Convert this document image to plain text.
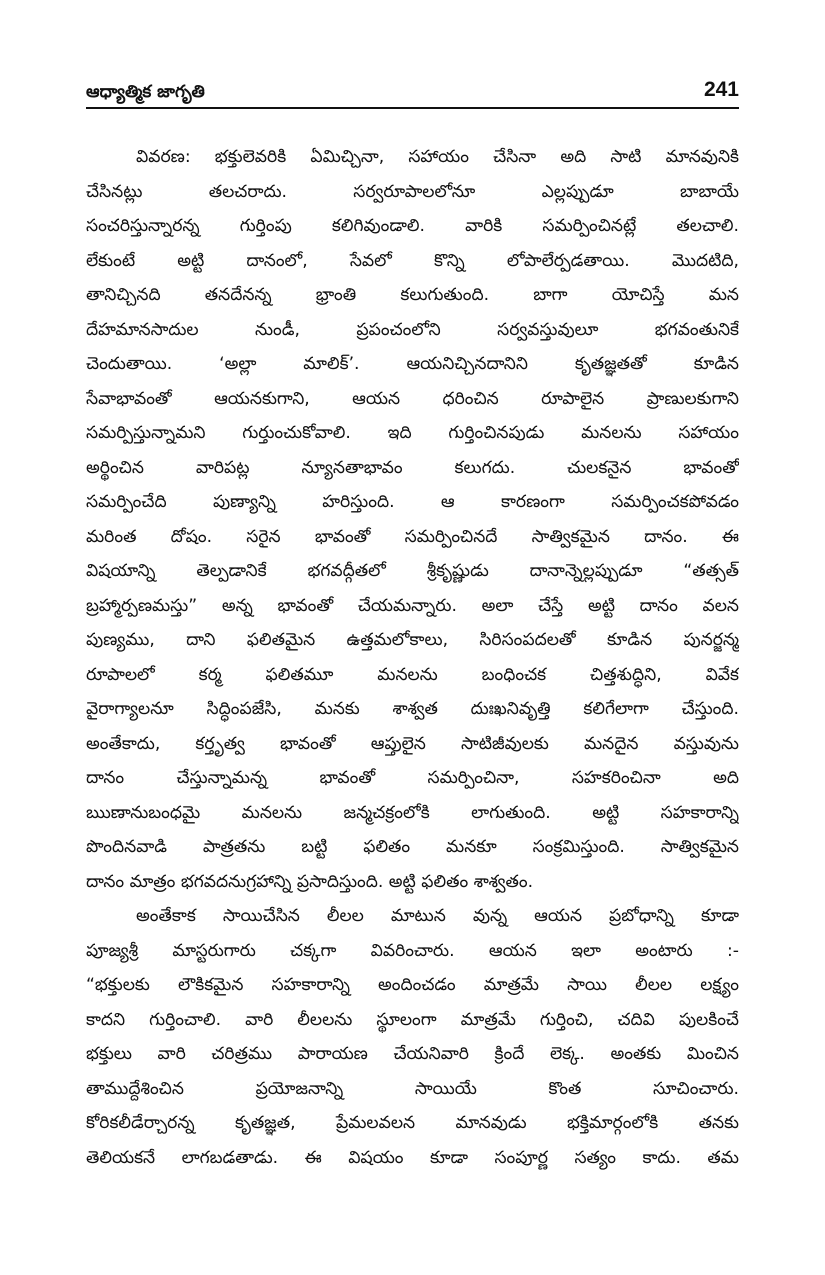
ఆధ్యాత్మిక జాగృతి	241
వివరణ: భక్తులెవరికి ఏమిచ్చినా, సహాయం చేసినా అది సాటి మానవునికి
చేసినట్లు తలచరాదు. సర్వరూపాలలోనూ ఎల్లప్పుడూ బాబాయే
సంచరిస్తున్నారన్న గుర్తింపు కలిగివుండాలి. వారికి సమర్పించినట్లే తలచాలి.
లేకుంటే అట్టి దానంలో, సేవలో కొన్ని లోపాలేర్పడతాయి. మొదటిది,
తానిచ్చినది తనదేనన్న భ్రాంతి కలుగుతుంది. బాగా యోచిస్తే మన
దేహమానసాదుల నుండీ, ప్రపంచంలోని సర్వవస్తువులూ భగవంతునికే
చెందుతాయి. ‘అల్లా మాలిక్’. ఆయనిచ్చినదానిని కృతజ్ఞతతో కూడిన
సేవాభావంతో ఆయనకుగాని, ఆయన ధరించిన రూపాలైన ప్రాణులకుగాని
సమర్పిస్తున్నామని గుర్తుంచుకోవాలి. ఇది గుర్తించినపుడు మనలను సహాయం
అర్థించిన వారిపట్ల న్యూనతాభావం కలుగదు. చులకనైన భావంతో
సమర్పించేది పుణ్యాన్ని హరిస్తుంది. ఆ కారణంగా సమర్పించకపోవడం
మరింత దోషం. సరైన భావంతో సమర్పించినదే సాత్వికమైన దానం. ఈ
విషయాన్ని తెల్పడానికే భగవద్గీతలో శ్రీకృష్ణుడు దానాన్నెల్లప్పుడూ “తత్సత్
బ్రహ్మార్పణమస్తు” అన్న భావంతో చేయమన్నారు. అలా చేస్తే అట్టి దానం వలన
పుణ్యము, దాని ఫలితమైన ఉత్తమలోకాలు, సిరిసంపదలతో కూడిన పునర్జన్మ
రూపాలలో కర్మ ఫలితమూ మనలను బంధించక చిత్తశుద్ధిని, వివేక
వైరాగ్యాలనూ సిద్ధింపజేసి, మనకు శాశ్వత దుఃఖనివృత్తి కలిగేలాగా చేస్తుంది.
అంతేకాదు, కర్తృత్వ భావంతో ఆప్తులైన సాటిజీవులకు మనదైన వస్తువును
దానం చేస్తున్నామన్న భావంతో సమర్పించినా, సహకరించినా అది
ఋణానుబంధమై మనలను జన్మచక్రంలోకి లాగుతుంది. అట్టి సహకారాన్ని
పొందినవాడి పాత్రతను బట్టి ఫలితం మనకూ సంక్రమిస్తుంది. సాత్వికమైన
దానం మాత్రం భగవదనుగ్రహాన్ని ప్రసాదిస్తుంది. అట్టి ఫలితం శాశ్వతం.
అంతేకాక సాయిచేసిన లీలల మాటున వున్న ఆయన ప్రబోధాన్ని కూడా
పూజ్యశ్రీ మాస్టరుగారు చక్కగా వివరించారు. ఆయన ఇలా అంటారు :-
“భక్తులకు లౌకికమైన సహకారాన్ని అందించడం మాత్రమే సాయి లీలల లక్ష్యం
కాదని గుర్తించాలి. వారి లీలలను స్థూలంగా మాత్రమే గుర్తించి, చదివి పులకించే
భక్తులు వారి చరిత్రము పారాయణ చేయనివారి క్రిందే లెక్క. అంతకు మించిన
తాముద్దేశించిన ప్రయోజనాన్ని సాయియే కొంత సూచించారు.
కోరికలీడేర్చారన్న కృతజ్ఞత, ప్రేమలవలన మానవుడు భక్తిమార్గంలోకి తనకు
తెలియకనే లాగబడతాడు. ఈ విషయం కూడా సంపూర్ణ సత్యం కాదు. తమ
